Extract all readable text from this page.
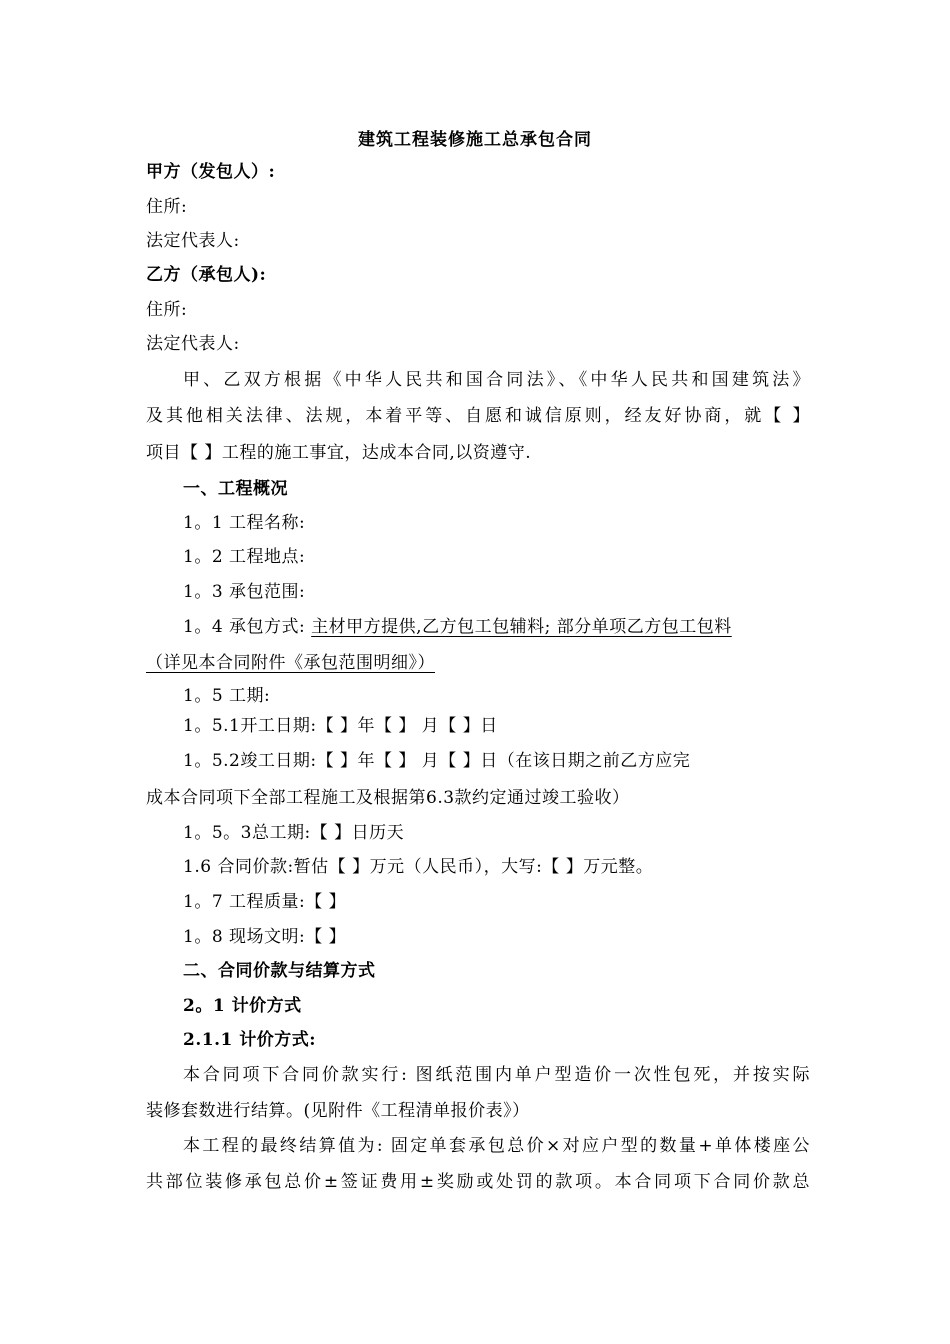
建筑工程装修施工总承包合同
甲方（发包人）:
住所:
法定代表人:
乙方（承包人):
住所:
法定代表人:
甲、乙双方根据《中华人民共和国合同法》、《中华人民共和国建筑法》
及其他相关法律、法规，本着平等、自愿和诚信原则，经友好协商，就【 】
项目【 】工程的施工事宜，达成本合同,以资遵守.
一、工程概况
1。1 工程名称:
1。2 工程地点:
1。3 承包范围:
1。4 承包方式: 主材甲方提供,乙方包工包辅料; 部分单项乙方包工包料
（详见本合同附件《承包范围明细》）
1。5 工期:
1。5.1开工日期:【 】年【 】 月【 】日
1。5.2竣工日期:【 】年【 】 月【 】日（在该日期之前乙方应完
成本合同项下全部工程施工及根据第6.3款约定通过竣工验收）
1。5。3总工期:【 】日历天
1.6 合同价款:暂估【 】万元（人民币），大写:【 】万元整。
1。7 工程质量:【 】
1。8 现场文明:【 】
二、合同价款与结算方式
2。1 计价方式
2.1.1 计价方式:
本合同项下合同价款实行: 图纸范围内单户型造价一次性包死，并按实际
装修套数进行结算。(见附件《工程清单报价表》）
本工程的最终结算值为: 固定单套承包总价×对应户型的数量+单体楼座公
共部位装修承包总价±签证费用±奖励或处罚的款项。本合同项下合同价款总
